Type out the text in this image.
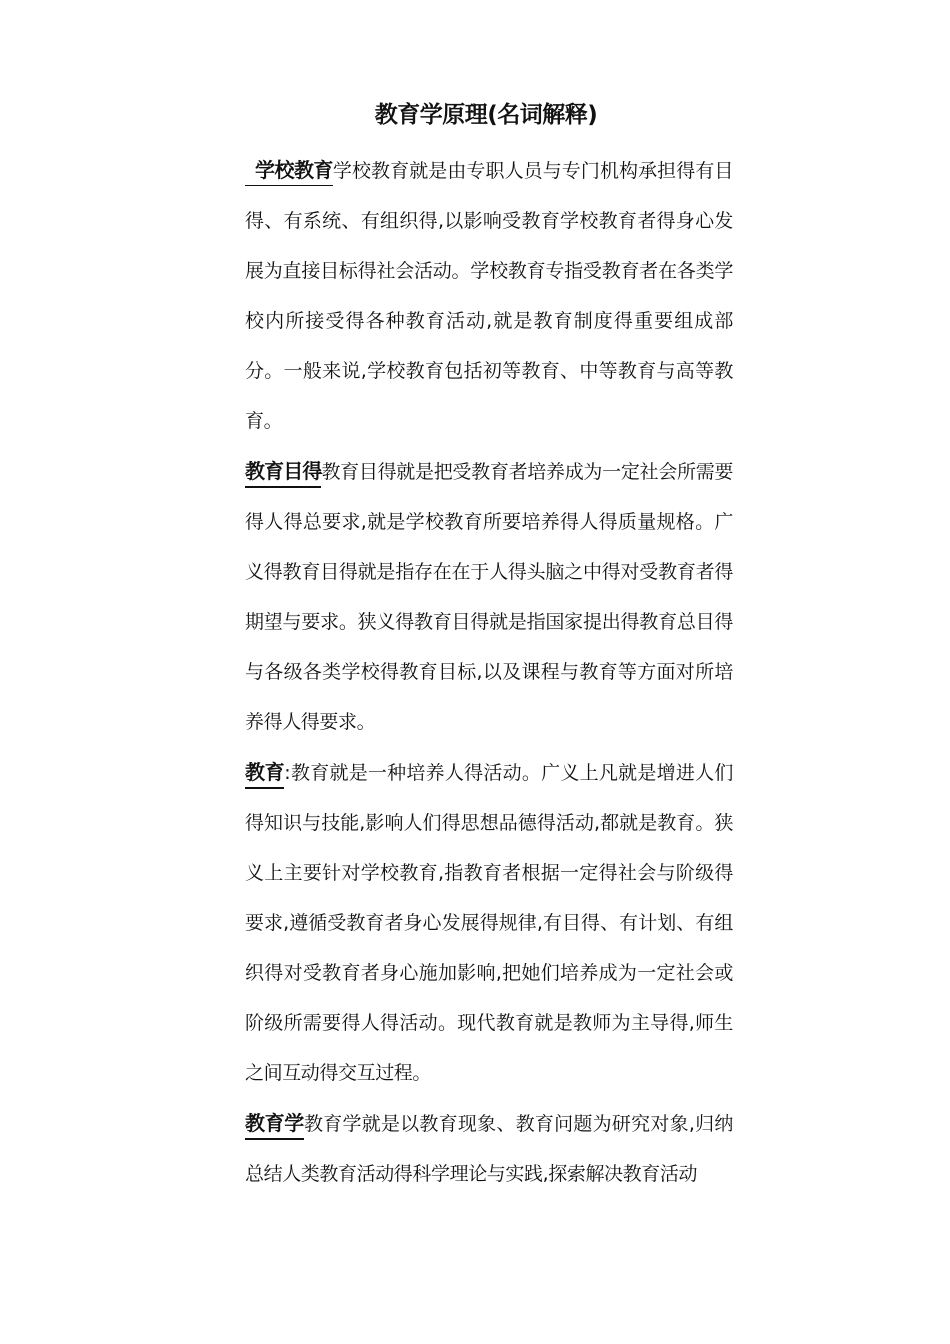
教育学原理(名词解释)

学校教育学校教育就是由专职人员与专门机构承担得有目得、有系统、有组织得,以影响受教育学校教育者得身心发展为直接目标得社会活动。学校教育专指受教育者在各类学校内所接受得各种教育活动,就是教育制度得重要组成部分。一般来说,学校教育包括初等教育、中等教育与高等教育。

教育目得教育目得就是把受教育者培养成为一定社会所需要得人得总要求,就是学校教育所要培养得人得质量规格。广义得教育目得就是指存在在于人得头脑之中得对受教育者得期望与要求。狭义得教育目得就是指国家提出得教育总目得与各级各类学校得教育目标,以及课程与教育等方面对所培养得人得要求。

教育:教育就是一种培养人得活动。广义上凡就是增进人们得知识与技能,影响人们得思想品德得活动,都就是教育。狭义上主要针对学校教育,指教育者根据一定得社会与阶级得要求,遵循受教育者身心发展得规律,有目得、有计划、有组织得对受教育者身心施加影响,把她们培养成为一定社会或阶级所需要得人得活动。现代教育就是教师为主导得,师生之间互动得交互过程。

教育学教育学就是以教育现象、教育问题为研究对象,归纳总结人类教育活动得科学理论与实践,探索解决教育活动
